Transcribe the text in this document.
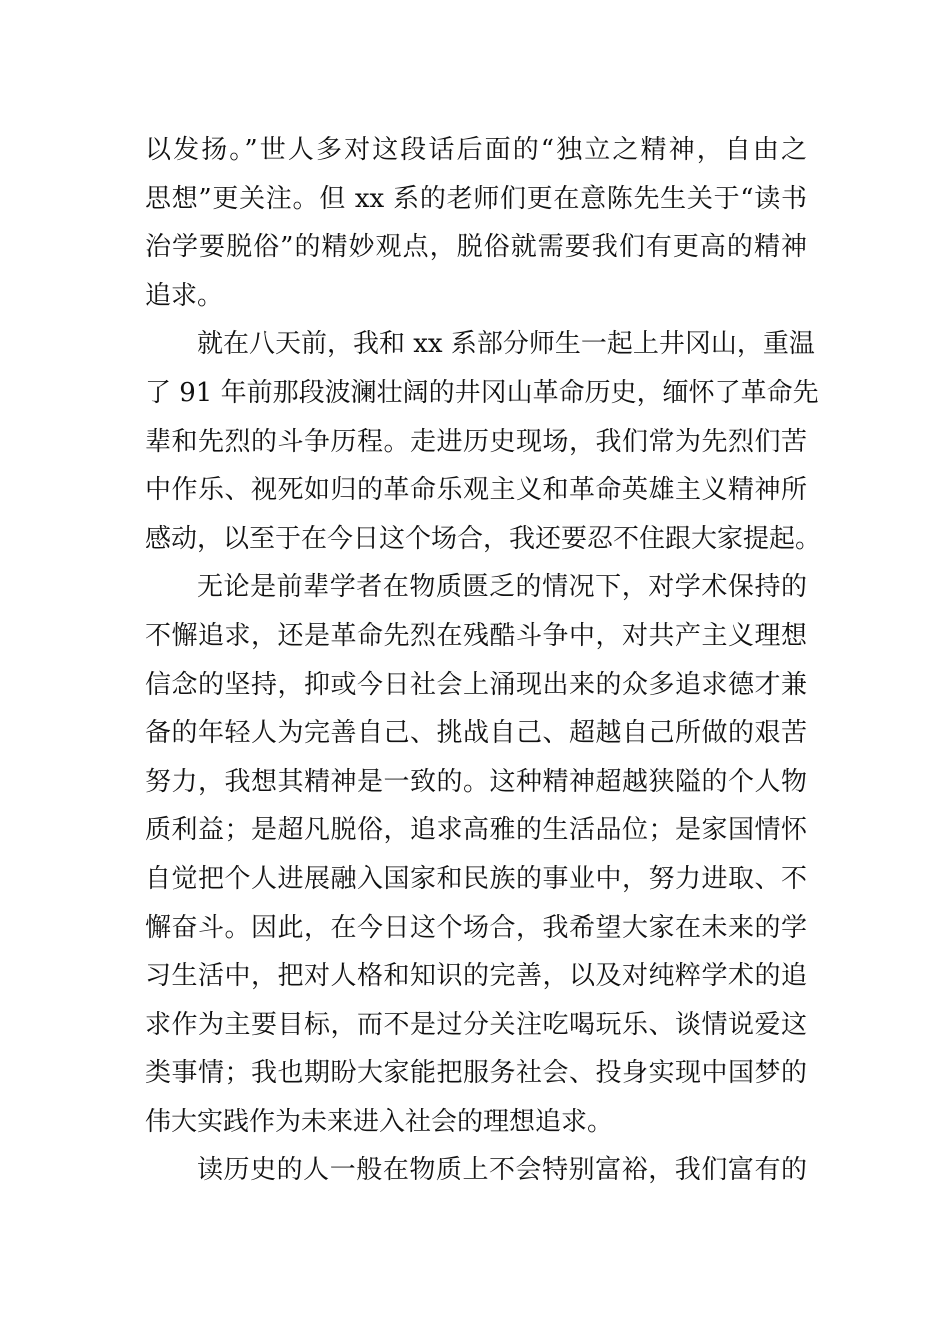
以发扬。”世人多对这段话后面的“独立之精神，自由之
思想”更关注。但 xx 系的老师们更在意陈先生关于“读书
治学要脱俗”的精妙观点，脱俗就需要我们有更高的精神
追求。
就在八天前，我和 xx 系部分师生一起上井冈山，重温
了 91 年前那段波澜壮阔的井冈山革命历史，缅怀了革命先
辈和先烈的斗争历程。走进历史现场，我们常为先烈们苦
中作乐、视死如归的革命乐观主义和革命英雄主义精神所
感动，以至于在今日这个场合，我还要忍不住跟大家提起。
无论是前辈学者在物质匮乏的情况下，对学术保持的
不懈追求，还是革命先烈在残酷斗争中，对共产主义理想
信念的坚持，抑或今日社会上涌现出来的众多追求德才兼
备的年轻人为完善自己、挑战自己、超越自己所做的艰苦
努力，我想其精神是一致的。这种精神超越狭隘的个人物
质利益；是超凡脱俗，追求高雅的生活品位；是家国情怀
自觉把个人进展融入国家和民族的事业中，努力进取、不
懈奋斗。因此，在今日这个场合，我希望大家在未来的学
习生活中，把对人格和知识的完善，以及对纯粹学术的追
求作为主要目标，而不是过分关注吃喝玩乐、谈情说爱这
类事情；我也期盼大家能把服务社会、投身实现中国梦的
伟大实践作为未来进入社会的理想追求。
读历史的人一般在物质上不会特别富裕，我们富有的
